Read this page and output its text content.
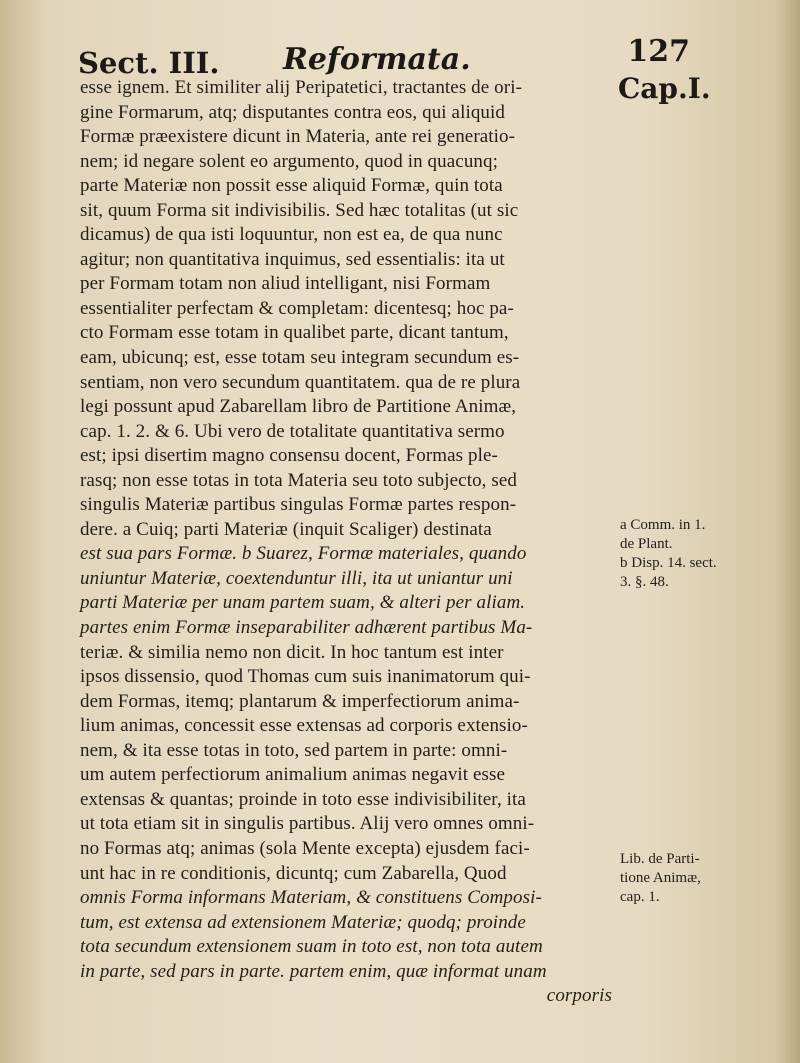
Sect. III. Reformata.	127
Cap.I.
esse ignem. Et similiter alij Peripatetici, tractantes de ori-
gine Formarum, atq; disputantes contra eos, qui aliquid
Formæ præexistere dicunt in Materia, ante rei generatio-
nem; id negare solent eo argumento, quod in quacunq;
parte Materiæ non possit esse aliquid Formæ, quin tota
sit, quum Forma sit indivisibilis. Sed hæc totalitas (ut sic
dicamus) de qua isti loquuntur, non est ea, de qua nunc
agitur; non quantitativa inquimus, sed essentialis: ita ut
per Formam totam non aliud intelligant, nisi Formam
essentialiter perfectam & completam: dicentesq; hoc pa-
cto Formam esse totam in qualibet parte, dicant tantum,
eam, ubicunq; est, esse totam seu integram secundum es-
sentiam, non vero secundum quantitatem. qua de re plura
legi possunt apud Zabarellam libro de Partitione Animæ,
cap. 1. 2. & 6. Ubi vero de totalitate quantitativa sermo
est; ipsi disertim magno consensu docent, Formas ple-
rasq; non esse totas in tota Materia seu toto subjecto, sed
singulis Materiæ partibus singulas Formæ partes respon-
dere. a Cuiq; parti Materiæ (inquit Scaliger) destinata
est sua pars Formæ. b Suarez, Formæ materiales, quando
uniuntur Materiæ, coextenduntur illi, ita ut uniantur uni
parti Materiæ per unam partem suam, & alteri per aliam.
partes enim Formæ inseparabiliter adhærent partibus Ma-
teriæ. & similia nemo non dicit. In hoc tantum est inter
ipsos dissensio, quod Thomas cum suis inanimatorum qui-
dem Formas, itemq; plantarum & imperfectiorum anima-
lium animas, concessit esse extensas ad corporis extensio-
nem, & ita esse totas in toto, sed partem in parte: omni-
um autem perfectiorum animalium animas negavit esse
extensas & quantas; proinde in toto esse indivisibiliter, ita
ut tota etiam sit in singulis partibus. Alij vero omnes omni-
no Formas atq; animas (sola Mente excepta) ejusdem faci-
unt hac in re conditionis, dicuntq; cum Zabarella, Quod
omnis Forma informans Materiam, & constituens Composi-
tum, est extensa ad extensionem Materiæ; quodq; proinde
tota secundum extensionem suam in toto est, non tota autem
in parte, sed pars in parte. partem enim, quæ informat unam
corporis
a Comm. in 1.
de Plant.
b Disp. 14. sect.
3. §. 48.
Lib. de Parti-
tione Animæ,
cap. 1.
